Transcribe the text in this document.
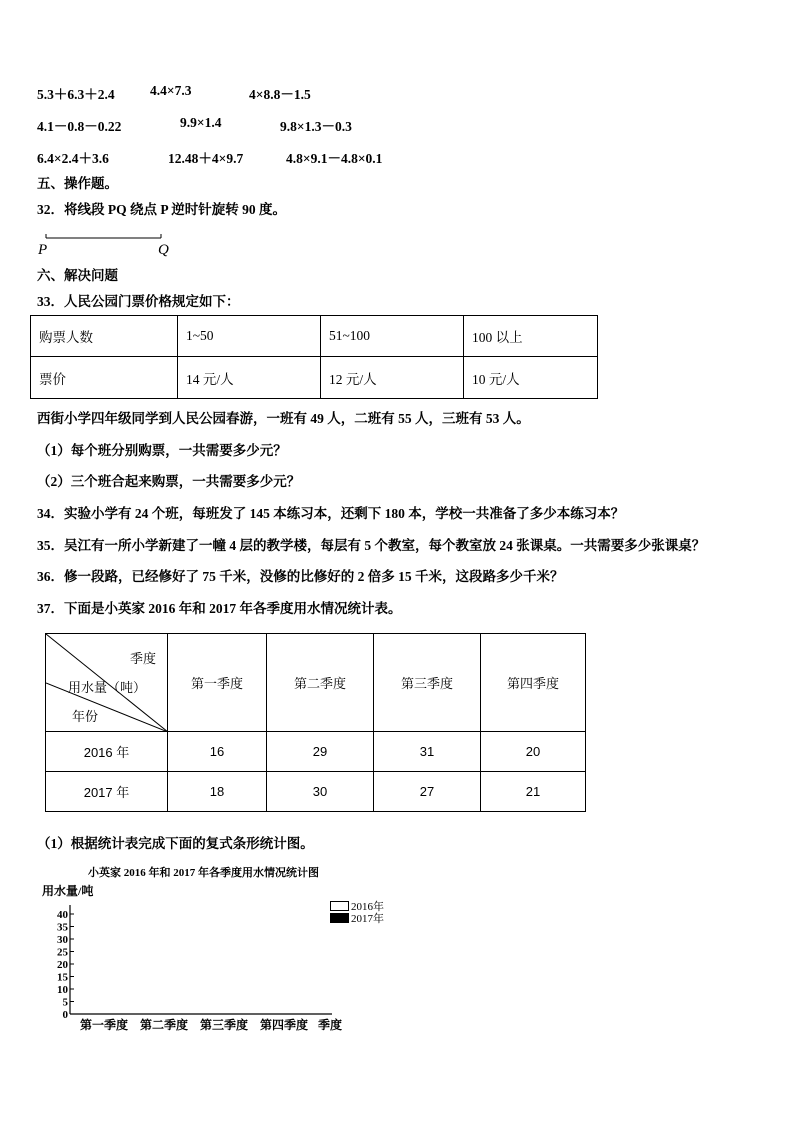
5.3＋6.3＋2.4	4.4×7.3	4×8.8－1.5
4.1－0.8－0.22	9.9×1.4	9.8×1.3－0.3
6.4×2.4＋3.6	12.48＋4×9.7	4.8×9.1－4.8×0.1
五、操作题。
32．将线段 PQ 绕点 P 逆时针旋转 90 度。
P	Q
六、解决问题
33．人民公园门票价格规定如下：
购票人数	1~50	51~100	100 以上
票价	14 元/人	12 元/人	10 元/人
西街小学四年级同学到人民公园春游，一班有 49 人，二班有 55 人，三班有 53 人。
（1）每个班分别购票，一共需要多少元？
（2）三个班合起来购票，一共需要多少元？
34．实验小学有 24 个班，每班发了 145 本练习本，还剩下 180 本，学校一共准备了多少本练习本？
35．吴江有一所小学新建了一幢 4 层的教学楼，每层有 5 个教室，每个教室放 24 张课桌。一共需要多少张课桌？
36．修一段路，已经修好了 75 千米，没修的比修好的 2 倍多 15 千米，这段路多少千米？
37．下面是小英家 2016 年和 2017 年各季度用水情况统计表。
季度
用水量（吨）
年份	第一季度	第二季度	第三季度	第四季度
2016 年	16	29	31	20
2017 年	18	30	27	21
（1）根据统计表完成下面的复式条形统计图。
小英家 2016 年和 2017 年各季度用水情况统计图
用水量/吨
0
5
10
15
20
25
30
35
40
第一季度 第二季度 第三季度 第四季度 季度
2016年
2017年
